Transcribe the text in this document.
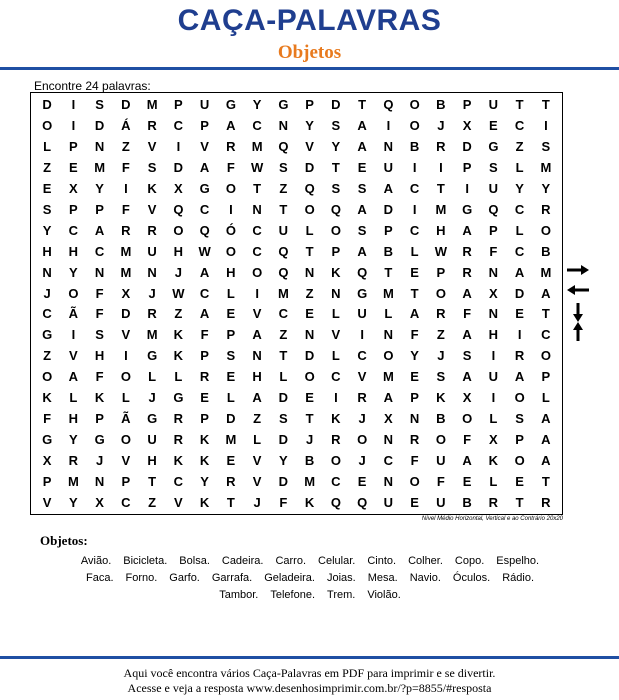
CAÇA-PALAVRAS
Objetos
Encontre 24 palavras:
D	I	S	D	M	P	U	G	Y	G	P	D	T	Q	O	B	P	U	T	T
O	I	D	Á	R	C	P	A	C	N	Y	S	A	I	O	J	X	E	C	I
L	P	N	Z	V	I	V	R	M	Q	V	Y	A	N	B	R	D	G	Z	S
Z	E	M	F	S	D	A	F	W	S	D	T	E	U	I	I	P	S	L	M
E	X	Y	I	K	X	G	O	T	Z	Q	S	S	A	C	T	I	U	Y	Y
S	P	P	F	V	Q	C	I	N	T	O	Q	A	D	I	M	G	Q	C	R
Y	C	A	R	R	O	Q	Ó	C	U	L	O	S	P	C	H	A	P	L	O
H	H	C	M	U	H	W	O	C	Q	T	P	A	B	L	W	R	F	C	B
N	Y	N	M	N	J	A	H	O	Q	N	K	Q	T	E	P	R	N	A	M
J	O	F	X	J	W	C	L	I	M	Z	N	G	M	T	O	A	X	D	A
C	Ã	F	D	R	Z	A	E	V	C	E	L	U	L	A	R	F	N	E	T
G	I	S	V	M	K	F	P	A	Z	N	V	I	N	F	Z	A	H	I	C
Z	V	H	I	G	K	P	S	N	T	D	L	C	O	Y	J	S	I	R	O
O	A	F	O	L	L	R	E	H	L	O	C	V	M	E	S	A	U	A	P
K	L	K	L	J	G	E	L	A	D	E	I	R	A	P	K	X	I	O	L
F	H	P	Ã	G	R	P	D	Z	S	T	K	J	X	N	B	O	L	S	A
G	Y	G	O	U	R	K	M	L	D	J	R	O	N	R	O	F	X	P	A
X	R	J	V	H	K	K	E	V	Y	B	O	J	C	F	U	A	K	O	A
P	M	N	P	T	C	Y	R	V	D	M	C	E	N	O	F	E	L	E	T
V	Y	X	C	Z	V	K	T	J	F	K	Q	Q	U	E	U	B	R	T	R
Nível Médio Horizontal, Vertical e ao Contrário 20x20
Objetos:
Avião. Bicicleta. Bolsa. Cadeira. Carro. Celular. Cinto. Colher. Copo. Espelho.
Faca. Forno. Garfo. Garrafa. Geladeira. Joias. Mesa. Navio. Óculos. Rádio.
Tambor. Telefone. Trem. Violão.
Aqui você encontra vários Caça-Palavras em PDF para imprimir e se divertir.
Acesse e veja a resposta www.desenhosimprimir.com.br/?p=8855/#resposta
